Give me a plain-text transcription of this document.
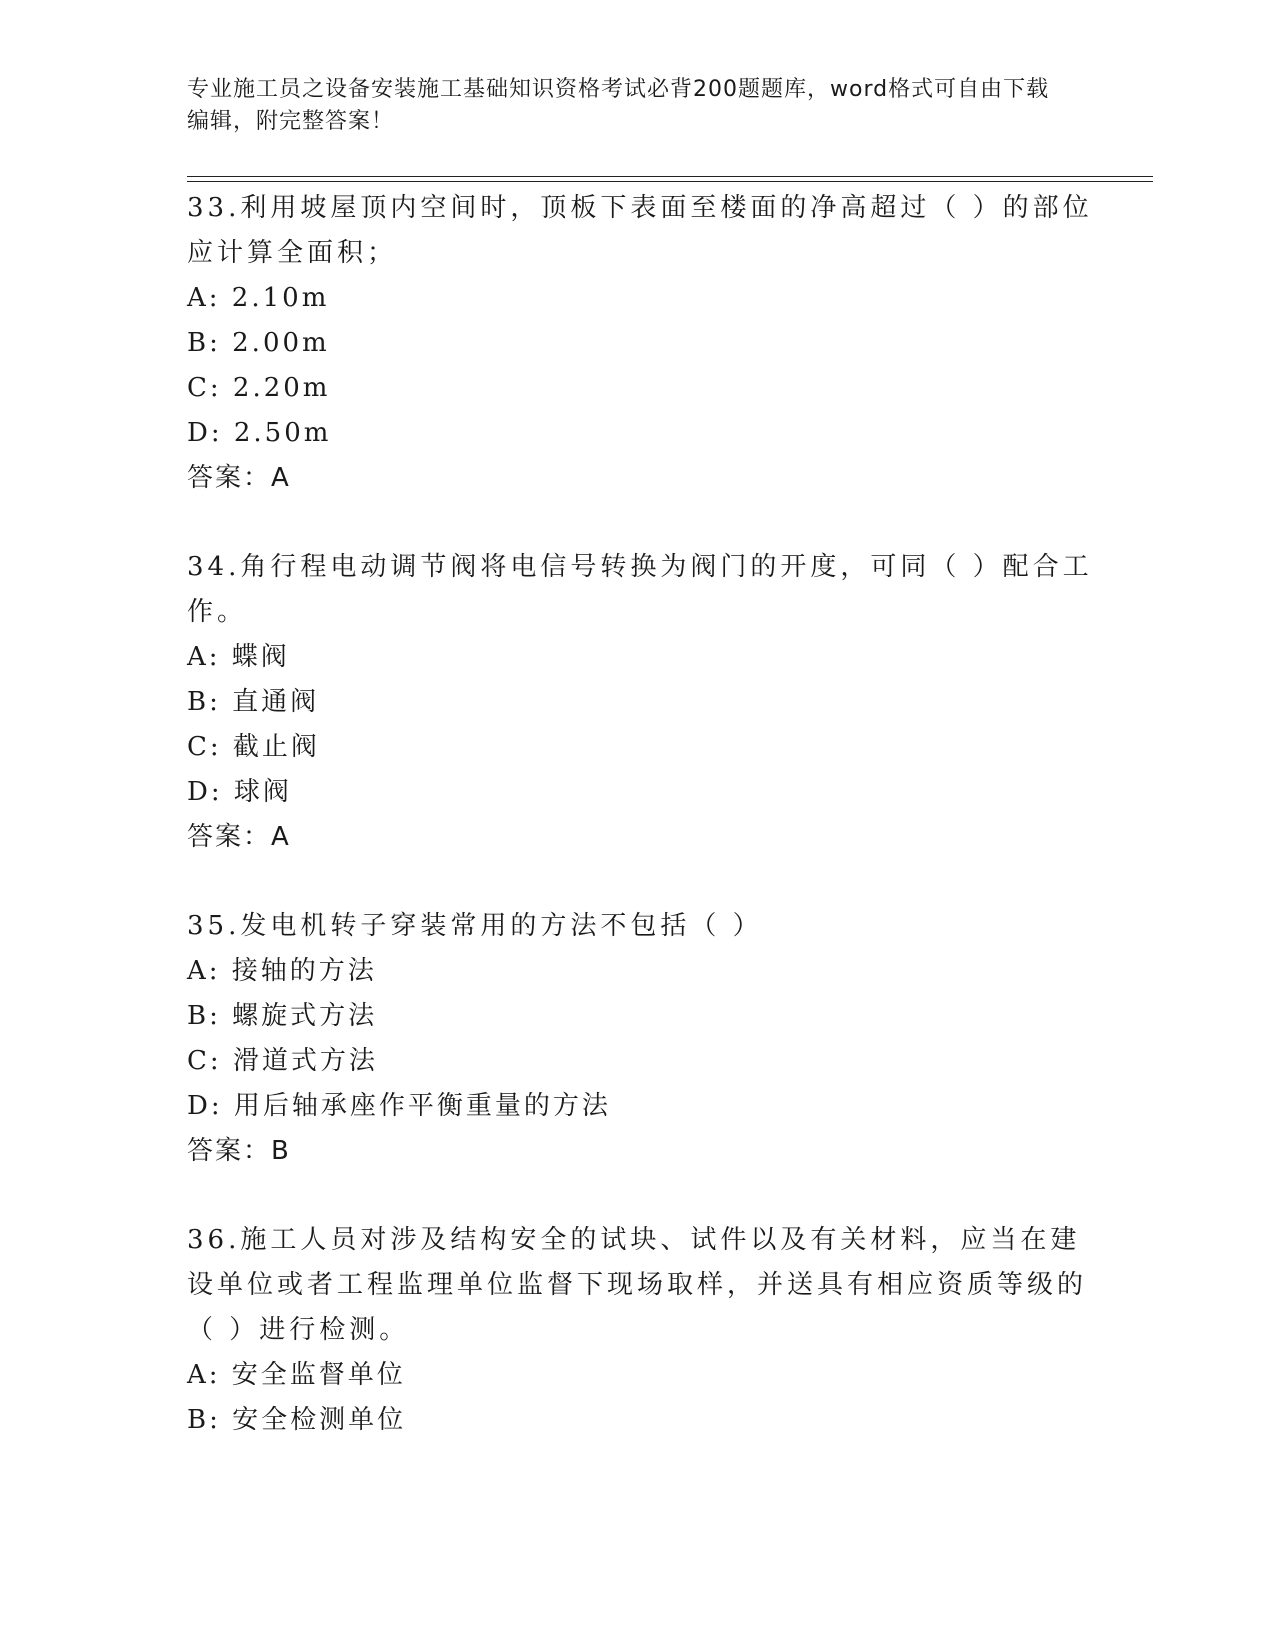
专业施工员之设备安装施工基础知识资格考试必背200题题库，word格式可自由下载编辑，附完整答案！

33.利用坡屋顶内空间时，顶板下表面至楼面的净高超过（ ）的部位应计算全面积；

A: 2.10m

B: 2.00m

C: 2.20m

D: 2.50m

答案：A

34.角行程电动调节阀将电信号转换为阀门的开度，可同（ ）配合工作。

A: 蝶阀

B: 直通阀

C: 截止阀

D: 球阀

答案：A

35.发电机转子穿装常用的方法不包括（ ）

A: 接轴的方法

B: 螺旋式方法

C: 滑道式方法

D: 用后轴承座作平衡重量的方法

答案：B

36.施工人员对涉及结构安全的试块、试件以及有关材料，应当在建设单位或者工程监理单位监督下现场取样，并送具有相应资质等级的（ ）进行检测。

A: 安全监督单位

B: 安全检测单位
